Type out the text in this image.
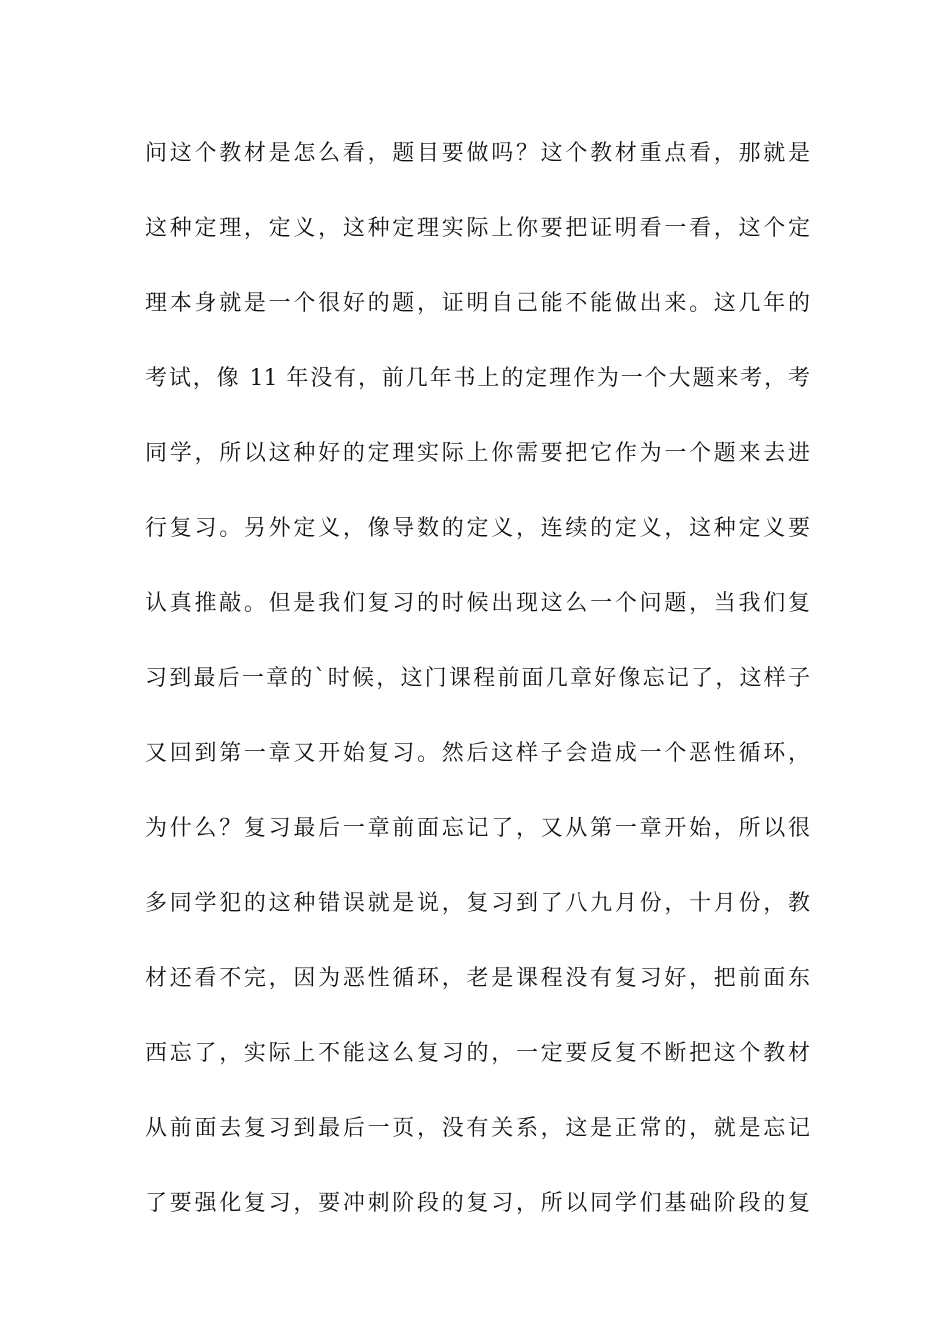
问这个教材是怎么看，题目要做吗？这个教材重点看，那就是
这种定理，定义，这种定理实际上你要把证明看一看，这个定
理本身就是一个很好的题，证明自己能不能做出来。这几年的
考试，像 11 年没有，前几年书上的定理作为一个大题来考，考
同学，所以这种好的定理实际上你需要把它作为一个题来去进
行复习。另外定义，像导数的定义，连续的定义，这种定义要
认真推敲。但是我们复习的时候出现这么一个问题，当我们复
习到最后一章的`时候，这门课程前面几章好像忘记了，这样子
又回到第一章又开始复习。然后这样子会造成一个恶性循环，
为什么？复习最后一章前面忘记了，又从第一章开始，所以很
多同学犯的这种错误就是说，复习到了八九月份，十月份，教
材还看不完，因为恶性循环，老是课程没有复习好，把前面东
西忘了，实际上不能这么复习的，一定要反复不断把这个教材
从前面去复习到最后一页，没有关系，这是正常的，就是忘记
了要强化复习，要冲刺阶段的复习，所以同学们基础阶段的复
